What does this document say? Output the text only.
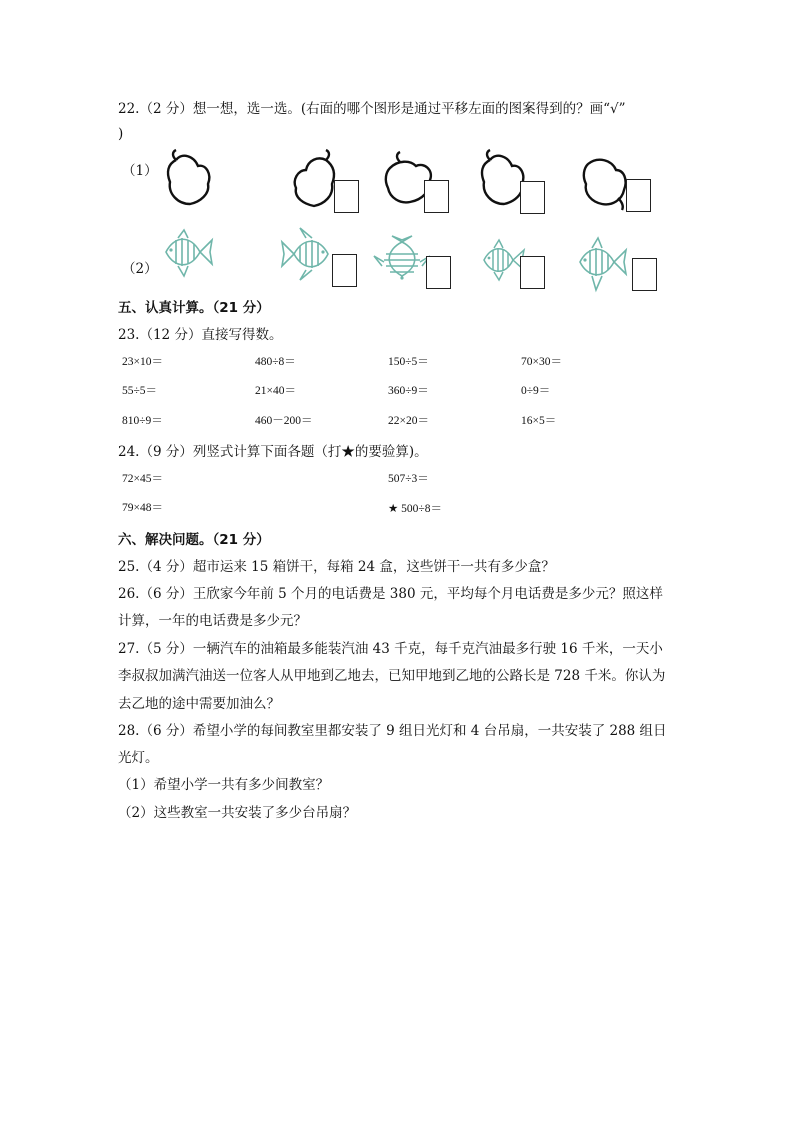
22.（2 分）想一想，选一选。(右面的哪个图形是通过平移左面的图案得到的？画“√”
)
（1）
（2）
五、认真计算。（21 分）
23.（12 分）直接写得数。
23×10＝	480÷8＝	150÷5＝	70×30＝
55÷5＝	21×40＝	360÷9＝	0÷9＝
810÷9＝	460－200＝	22×20＝	16×5＝
24.（9 分）列竖式计算下面各题（打★的要验算)。
72×45＝	507÷3＝
79×48＝	★ 500÷8＝
六、解决问题。（21 分）
25.（4 分）超市运来 15 箱饼干，每箱 24 盒，这些饼干一共有多少盒？
26.（6 分）王欣家今年前 5 个月的电话费是 380 元，平均每个月电话费是多少元？照这样
计算，一年的电话费是多少元？
27.（5 分）一辆汽车的油箱最多能装汽油 43 千克，每千克汽油最多行驶 16 千米，一天小
李叔叔加满汽油送一位客人从甲地到乙地去，已知甲地到乙地的公路长是 728 千米。你认为
去乙地的途中需要加油么？
28.（6 分）希望小学的每间教室里都安装了 9 组日光灯和 4 台吊扇，一共安装了 288 组日
光灯。
（1）希望小学一共有多少间教室？
（2）这些教室一共安装了多少台吊扇？
